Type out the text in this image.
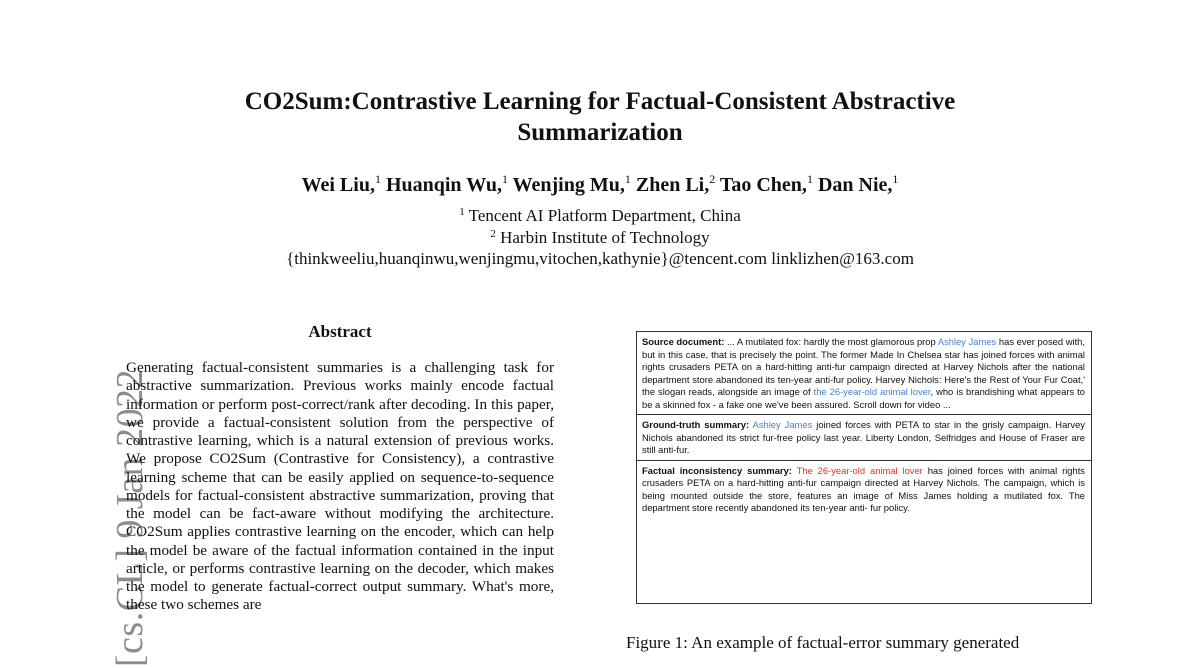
CO2Sum:Contrastive Learning for Factual-Consistent Abstractive
Summarization
Wei Liu,$^1$ Huanqin Wu,$^1$ Wenjing Mu,$^1$ Zhen Li,$^2$ Tao Chen,$^1$ Dan Nie,$^1$
$^1$ Tencent AI Platform Department, China
$^2$ Harbin Institute of Technology
{thinkweeliu,huanqinwu,wenjingmu,vitochen,kathynie}@tencent.com linklizhen@163.com
[cs.CL] 9 Jan 2022
Abstract
Generating factual-consistent summaries is a challenging task for abstractive summarization. Previous works mainly encode factual information or perform post-correct/rank after decoding. In this paper, we provide a factual-consistent solution from the perspective of contrastive learning, which is a natural extension of previous works. We propose CO2Sum (Contrastive for Consistency), a contrastive learning scheme that can be easily applied on sequence-to-sequence models for factual-consistent abstractive summarization, proving that the model can be fact-aware without modifying the architecture. CO2Sum applies contrastive learning on the encoder, which can help the model be aware of the factual information contained in the input article, or performs contrastive learning on the decoder, which makes the model to generate factual-correct output summary. What's more, these two schemes are
Source document: ... A mutilated fox: hardly the most glamorous prop Ashley James has ever posed with, but in this case, that is precisely the point. The former Made In Chelsea star has joined forces with animal rights crusaders PETA on a hard-hitting anti-fur campaign directed at Harvey Nichols after the national department store abandoned its ten-year anti-fur policy. Harvey Nichols: Here's the Rest of Your Fur Coat,' the slogan reads, alongside an image of the 26-year-old animal lover, who is brandishing what appears to be a skinned fox - a fake one we've been assured. Scroll down for video ...
Ground-truth summary: Ashley James joined forces with PETA to star in the grisly campaign. Harvey Nichols abandoned its strict fur-free policy last year. Liberty London, Selfridges and House of Fraser are still anti-fur.
Factual inconsistency summary: The 26-year-old animal lover has joined forces with animal rights crusaders PETA on a hard-hitting anti-fur campaign directed at Harvey Nichols. The campaign, which is being mounted outside the store, features an image of Miss James holding a mutilated fox. The department store recently abandoned its ten-year anti- fur policy.
Figure 1: An example of factual-error summary generated
